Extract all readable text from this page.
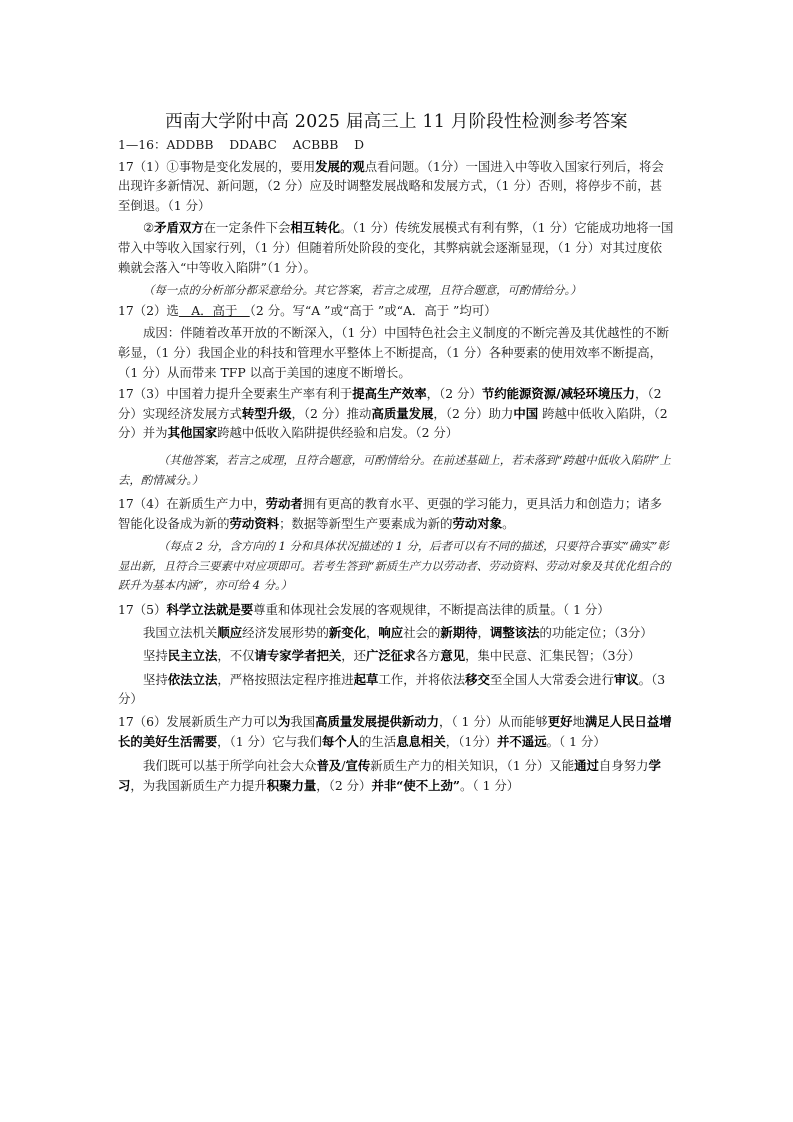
西南大学附中高 2025 届高三上 11 月阶段性检测参考答案

1—16：ADDBB DDABC ACBBB D

17（1）①事物是变化发展的，要用发展的观点看问题。（1分）一国进入中等收入国家行列后，将会出现许多新情况、新问题，（2 分）应及时调整发展战略和发展方式，（1 分）否则，将停步不前，甚至倒退。（1 分）

②矛盾双方在一定条件下会相互转化。（1 分）传统发展模式有利有弊，（1 分）它能成功地将一国带入中等收入国家行列，（1 分）但随着所处阶段的变化，其弊病就会逐渐显现，（1 分）对其过度依赖就会落入“中等收入陷阱”（1 分）。

（每一点的分析部分都采意给分。其它答案，若言之成理，且符合题意，可酌情给分。）

17（2）选　A．高于　（2 分。写“A ”或“高于 ”或“A．高于 ”均可）

成因：伴随着改革开放的不断深入，（1 分）中国特色社会主义制度的不断完善及其优越性的不断彰显，（1 分）我国企业的科技和管理水平整体上不断提高，（1 分）各种要素的使用效率不断提高，（1 分）从而带来 TFP 以高于美国的速度不断增长。

17（3）中国着力提升全要素生产率有利于提高生产效率，（2 分）节约能源资源/减轻环境压力，（2 分）实现经济发展方式转型升级，（2 分）推动高质量发展，（2 分）助力中国 跨越中低收入陷阱，（2 分）并为其他国家跨越中低收入陷阱提供经验和启发。（2 分）

（其他答案，若言之成理，且符合题意，可酌情给分。在前述基础上，若未落到“跨越中低收入陷阱”上去，酌情减分。）

17（4）在新质生产力中，劳动者拥有更高的教育水平、更强的学习能力，更具活力和创造力；诸多智能化设备成为新的劳动资料；数据等新型生产要素成为新的劳动对象。

（每点 2 分，含方向的 1 分和具体状况描述的 1 分，后者可以有不同的描述，只要符合事实“确实”彰显出新，且符合三要素中对应项即可。若考生答到“新质生产力以劳动者、劳动资料、劳动对象及其优化组合的跃升为基本内涵”，亦可给 4 分。）

17（5）科学立法就是要尊重和体现社会发展的客观规律，不断提高法律的质量。（ 1 分）

我国立法机关顺应经济发展形势的新变化，响应社会的新期待，调整该法的功能定位；（3分）

坚持民主立法，不仅请专家学者把关，还广泛征求各方意见，集中民意、汇集民智；（3分）

坚持依法立法，严格按照法定程序推进起草工作，并将依法移交至全国人大常委会进行审议。（3 分）

17（6）发展新质生产力可以为我国高质量发展提供新动力，（ 1 分）从而能够更好地满足人民日益增长的美好生活需要，（1 分）它与我们每个人的生活息息相关，（1分）并不遥远。（ 1 分）

我们既可以基于所学向社会大众普及/宣传新质生产力的相关知识，（1 分）又能通过自身努力学习，为我国新质生产力提升积聚力量，（2 分）并非“使不上劲”。（ 1 分）
